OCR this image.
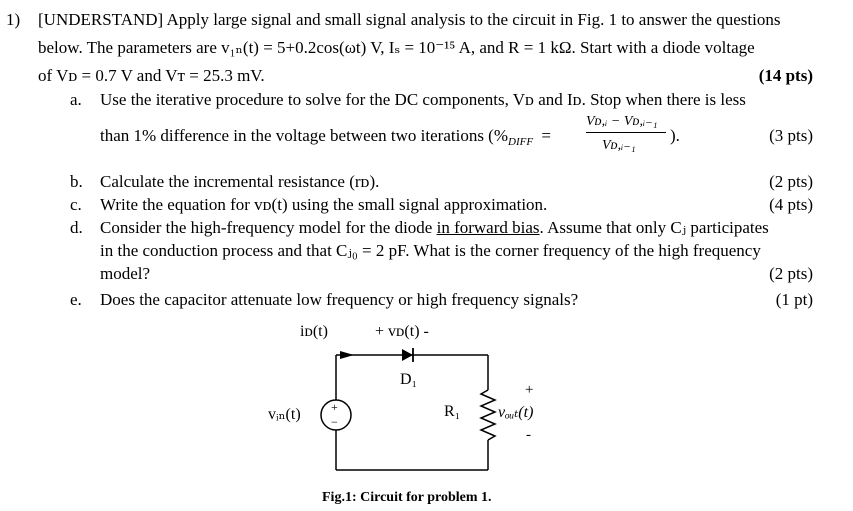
1) [UNDERSTAND] Apply large signal and small signal analysis to the circuit in Fig. 1 to answer the questions
below. The parameters are v₁ₙ(t) = 5+0.2cos(ωt) V, Iₛ = 10⁻¹⁵ A, and R = 1 kΩ. Start with a diode voltage
of Vᴅ = 0.7 V and Vᴛ = 25.3 mV.	(14 pts)
a. Use the iterative procedure to solve for the DC components, Vᴅ and Iᴅ. Stop when there is less
than 1% difference in the voltage between two iterations ($\%_{DIFF}$ =
Vᴅ,ᵢ − Vᴅ,ᵢ₋₁
Vᴅ,ᵢ₋₁
).	(3 pts)
b. Calculate the incremental resistance (rᴅ).	(2 pts)
c. Write the equation for vᴅ(t) using the small signal approximation.	(4 pts)
d. Consider the high-frequency model for the diode in forward bias. Assume that only Cⱼ participates
in the conduction process and that Cⱼ₀ = 2 pF. What is the corner frequency of the high frequency
model?	(2 pts)
e. Does the capacitor attenuate low frequency or high frequency signals?	(1 pt)
iᴅ(t)	+ vᴅ(t) -
D₁
vᵢₙ(t)	+
−
R₁
+
vₒᵤₜ(t)
-
Fig.1: Circuit for problem 1.
